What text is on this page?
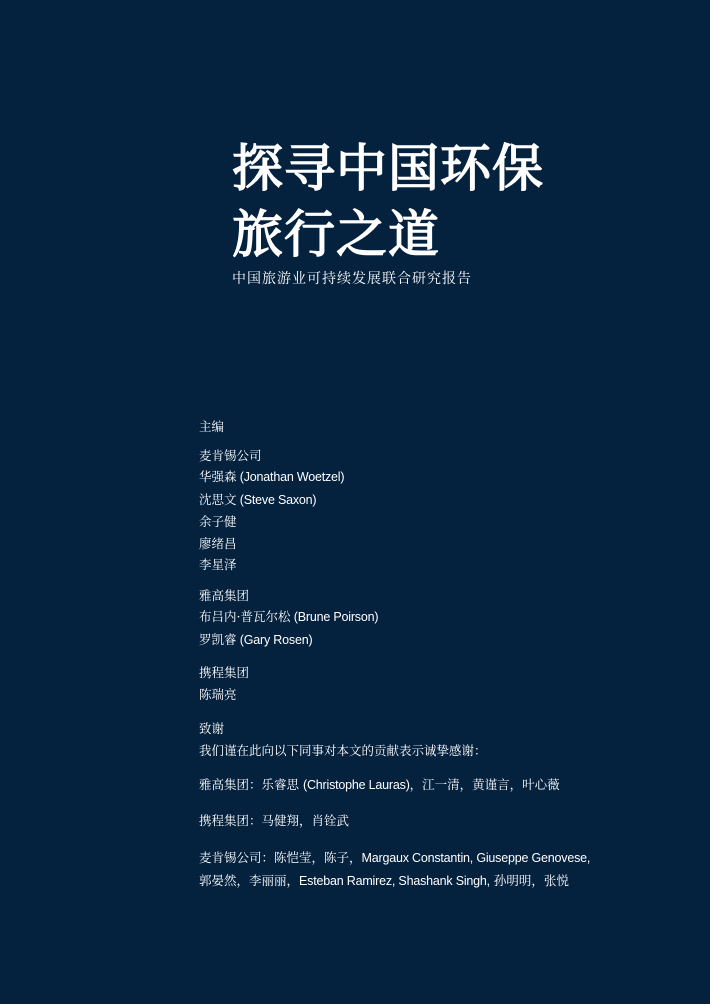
探寻中国环保
旅行之道
中国旅游业可持续发展联合研究报告
主编
麦肯锡公司
华强森 (Jonathan Woetzel)
沈思文 (Steve Saxon)
余子健
廖绪昌
李星泽
雅高集团
布吕内·普瓦尔松 (Brune Poirson)
罗凯睿 (Gary Rosen)
携程集团
陈瑞亮
致谢
我们谨在此向以下同事对本文的贡献表示诚挚感谢：
雅高集团：乐睿思 (Christophe Lauras)，江一清，黄谨言，叶心薇
携程集团：马健翔，肖铨武
麦肯锡公司：陈恺莹，陈子，Margaux Constantin, Giuseppe Genovese,
郭晏然，李丽丽，Esteban Ramirez, Shashank Singh, 孙明明，张悦
